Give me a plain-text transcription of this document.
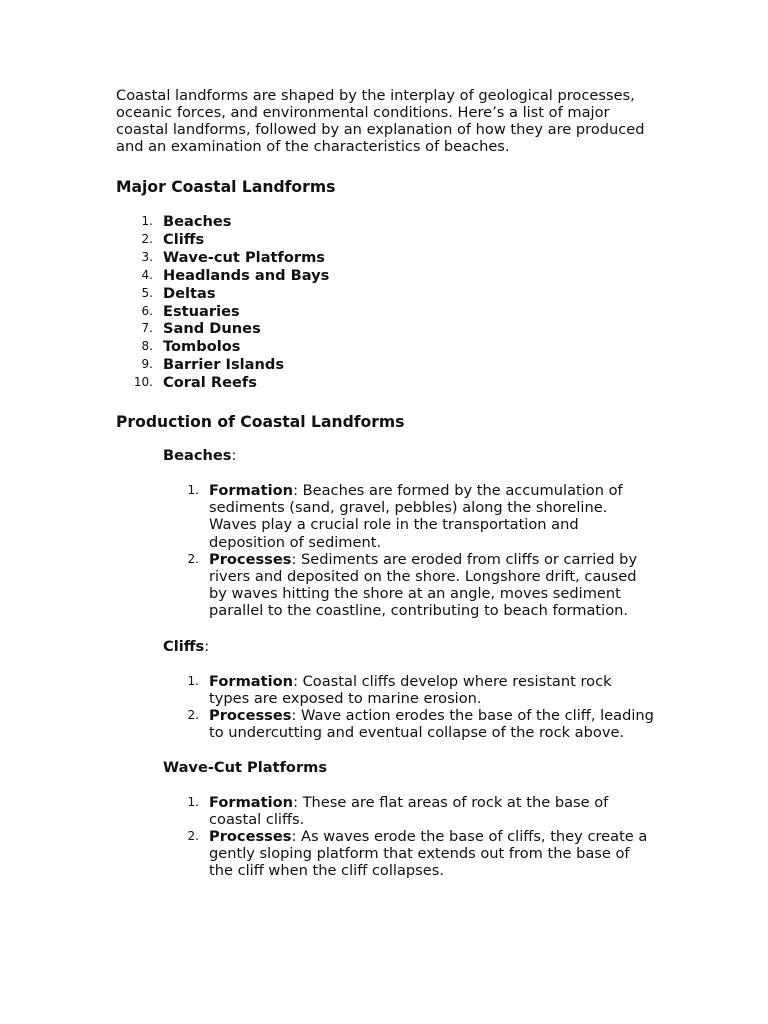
Coastal landforms are shaped by the interplay of geological processes, oceanic forces, and environmental conditions. Here’s a list of major coastal landforms, followed by an explanation of how they are produced and an examination of the characteristics of beaches.

Major Coastal Landforms
1. Beaches
2. Cliffs
3. Wave-cut Platforms
4. Headlands and Bays
5. Deltas
6. Estuaries
7. Sand Dunes
8. Tombolos
9. Barrier Islands
10. Coral Reefs
Production of Coastal Landforms

Beaches:

1. Formation: Beaches are formed by the accumulation of sediments (sand, gravel, pebbles) along the shoreline. Waves play a crucial role in the transportation and deposition of sediment.
2. Processes: Sediments are eroded from cliffs or carried by rivers and deposited on the shore. Longshore drift, caused by waves hitting the shore at an angle, moves sediment parallel to the coastline, contributing to beach formation.

Cliffs:

1. Formation: Coastal cliffs develop where resistant rock types are exposed to marine erosion.
2. Processes: Wave action erodes the base of the cliff, leading to undercutting and eventual collapse of the rock above.

Wave-Cut Platforms

1. Formation: These are flat areas of rock at the base of coastal cliffs.
2. Processes: As waves erode the base of cliffs, they create a gently sloping platform that extends out from the base of the cliff when the cliff collapses.
